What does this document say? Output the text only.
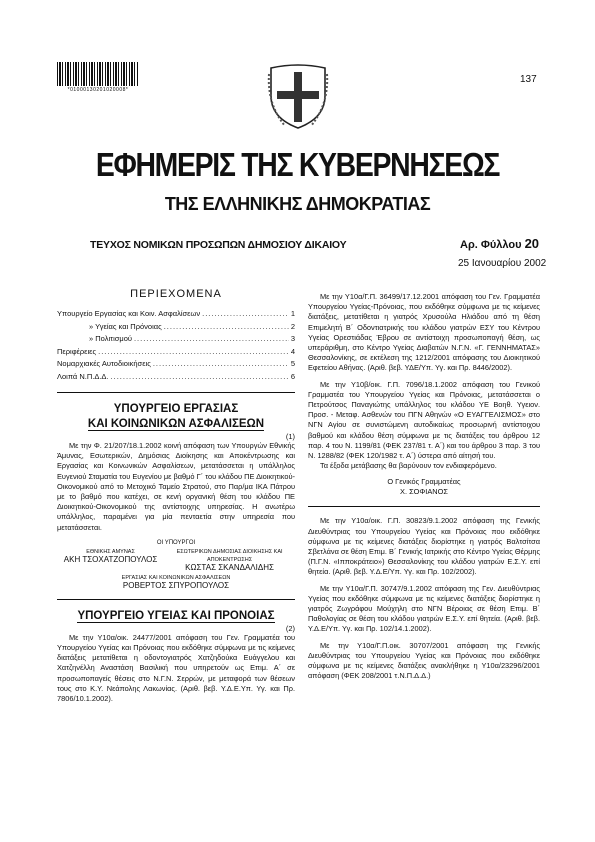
*01000130201020008*
137
ΕΦΗΜΕΡΙΣ ΤΗΣ ΚΥΒΕΡΝΗΣΕΩΣ
ΤΗΣ ΕΛΛΗΝΙΚΗΣ ΔΗΜΟΚΡΑΤΙΑΣ
ΤΕΥΧΟΣ ΝΟΜΙΚΩΝ ΠΡΟΣΩΠΩΝ ΔΗΜΟΣΙΟΥ ΔΙΚΑΙΟΥ	Αρ. Φύλλου 20
25 Ιανουαρίου 2002
ΠΕΡΙΕΧΟΜΕΝΑ
Υπουργείο Εργασίας και Κοιν. Ασφαλίσεων .....	1
» Υγείας και Πρόνοιας .....	2
» Πολιτισμού .....	3
Περιφέρειες .....	4
Νομαρχιακές Αυτοδιοικήσεις .....	5
Λοιπά Ν.Π.Δ.Δ. .....	6
ΥΠΟΥΡΓΕΙΟ ΕΡΓΑΣΙΑΣ
ΚΑΙ ΚΟΙΝΩΝΙΚΩΝ ΑΣΦΑΛΙΣΕΩΝ
(1)

Με την Φ. 21/207/18.1.2002 κοινή απόφαση των Υπουργών Εθνικής Άμυνας, Εσωτερικών, Δημόσιας Διοίκησης και Αποκέντρωσης και Εργασίας και Κοινωνικών Ασφαλίσεων, μετατάσσεται η υπάλληλος Ευγενιού Σταματία του Ευγενίου με βαθμό Γ΄ του κλάδου ΠΕ Διοικητικού-Οικονομικού από το Μετοχικό Ταμείο Στρατού, στο Παρ/μα ΙΚΑ Πάτρου με το βαθμό που κατέχει, σε κενή οργανική θέση του κλάδου ΠΕ Διοικητικού-Οικονομικού της αντίστοιχης υπηρεσίας. Η ανωτέρω υπάλληλος, παραμένει για μία πενταετία στην υπηρεσία που μετατάσσεται.

ΟΙ ΥΠΟΥΡΓΟΙ
ΕΘΝΙΚΗΣ ΑΜΥΝΑΣ
ΑΚΗ ΤΣΟΧΑΤΖΟΠΟΥΛΟΣ
ΕΣΩΤΕΡΙΚΩΝ ΔΗΜΟΣΙΑΣ ΔΙΟΙΚΗΣΗΣ ΚΑΙ ΑΠΟΚΕΝΤΡΩΣΗΣ
ΚΩΣΤΑΣ ΣΚΑΝΔΑΛΙΔΗΣ
ΕΡΓΑΣΙΑΣ ΚΑΙ ΚΟΙΝΩΝΙΚΩΝ ΑΣΦΑΛΙΣΕΩΝ
ΡΟΒΕΡΤΟΣ ΣΠΥΡΟΠΟΥΛΟΣ
ΥΠΟΥΡΓΕΙΟ ΥΓΕΙΑΣ ΚΑΙ ΠΡΟΝΟΙΑΣ
(2)

Με την Υ10α/οικ. 24477/2001 απόφαση του Γεν. Γραμματέα του Υπουργείου Υγείας και Πρόνοιας που εκδόθηκε σύμφωνα με τις κείμενες διατάξεις μετατίθεται η οδοντογιατρός Χατζηδούκα Ευάγγελου και Χατζηνέλλη Αναστάση Βασιλική που υπηρετούν ως Επιμ. Α΄ σε προσωποπαγείς θέσεις στο Ν.Γ.Ν. Σερρών, με μεταφορά των θέσεων τους στο Κ.Υ. Νεάπολης Λακωνίας. (Αριθ. βεβ. Υ.Δ.Ε.Υπ. Υγ. και Πρ. 7806/10.1.2002).

Με την Υ10α/Γ.Π. 36499/17.12.2001 απόφαση του Γεν. Γραμματέα Υπουργείου Υγείας-Πρόνοιας, που εκδόθηκε σύμφωνα με τις κείμενες διατάξεις, μετατίθεται η γιατρός Χρυσούλα Ηλιάδου από τη θέση Επιμελητή Β΄ Οδοντιατρικής του κλάδου γιατρών ΕΣΥ του Κέντρου Υγείας Ορεστιάδας Έβρου σε αντίστοιχη προσωποπαγή θέση, ως υπεράριθμη, στο Κέντρο Υγείας Διαβατών Ν.Γ.Ν. «Γ. ΓΕΝΝΗΜΑΤΑΣ» Θεσσαλονίκης, σε εκτέλεση της 1212/2001 απόφασης του Διοικητικού Εφετείου Αθήνας. (Αριθ. βεβ. ΥΔΕ/Υπ. Υγ. και Πρ. 8446/2002).

Με την Υ10β/οικ. Γ.Π. 7096/18.1.2002 απόφαση του Γενικού Γραμματέα του Υπουργείου Υγείας και Πρόνοιας, μετατάσσεται ο Πετρούτσος Παναγιώτης υπάλληλος του κλάδου ΥΕ Βοηθ. Υγειον. Προσ. - Μεταφ. Ασθενών του ΠΓΝ Αθηνών «Ο ΕΥΑΓΓΕΛΙΣΜΟΣ» στο ΝΓΝ Αγίου σε συνιστώμενη αυτοδικαίως προσωρινή αντίστοιχου βαθμού και κλάδου θέση σύμφωνα με τις διατάξεις του άρθρου 12 παρ. 4 του Ν. 1199/81 (ΦΕΚ 237/81 τ. Α΄) και του άρθρου 3 παρ. 3 του Ν. 1288/82 (ΦΕΚ 120/1982 τ. Α΄) ύστερα από αίτησή του.

Τα έξοδα μετάβασης θα βαρύνουν τον ενδιαφερόμενο.

Ο Γενικός Γραμματέας
Χ. ΣΟΦΙΑΝΟΣ

Με την Υ10α/οικ. Γ.Π. 30823/9.1.2002 απόφαση της Γενικής Διευθύντριας του Υπουργείου Υγείας και Πρόνοιας που εκδόθηκε σύμφωνα με τις κείμενες διατάξεις διορίστηκε η γιατρός Βαλτσίτσα Σβετλάνα σε θέση Επιμ. Β΄ Γενικής Ιατρικής στο Κέντρο Υγείας Θέρμης (Π.Γ.Ν. «Ιπποκράτειο») Θεσσαλονίκης του κλάδου γιατρών Ε.Σ.Υ. επί θητεία. (Αριθ. βεβ. Υ.Δ.Ε/Υπ. Υγ. και Πρ. 102/2002).

Με την Υ10α/Γ.Π. 30747/9.1.2002 απόφαση της Γεν. Διευθύντριας Υγείας που εκδόθηκε σύμφωνα με τις κείμενες διατάξεις διορίστηκε η γιατρός Ζωγράφου Μούχηλη στο ΝΓΝ Βέροιας σε θέση Επιμ. Β΄ Παθολογίας σε θέση του κλάδου γιατρών Ε.Σ.Υ. επί θητεία. (Αριθ. βεβ. Υ.Δ.Ε/Υπ. Υγ. και Πρ. 102/14.1.2002).

Με την Υ10α/Γ.Π.οικ. 30707/2001 απόφαση της Γενικής Διευθύντριας του Υπουργείου Υγείας και Πρόνοιας που εκδόθηκε σύμφωνα με τις κείμενες διατάξεις ανακλήθηκε η Υ10α/23296/2001 απόφαση (ΦΕΚ 208/2001 τ.Ν.Π.Δ.Δ.)
